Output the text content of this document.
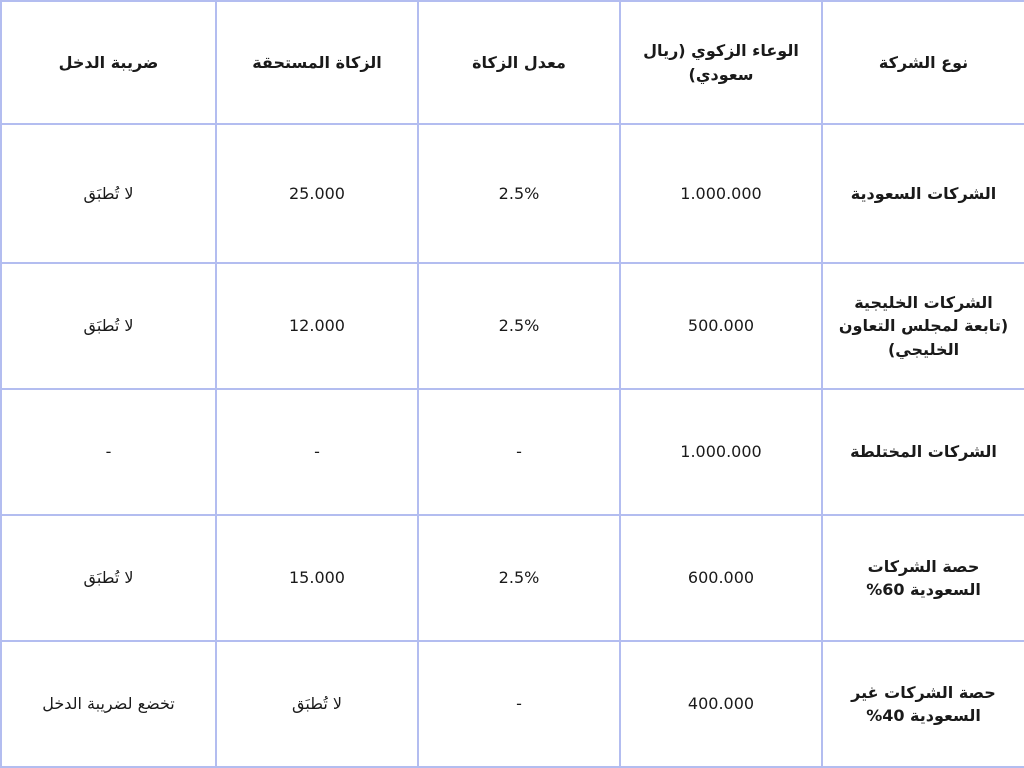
نوع الشركة	الوعاء الزكوي (ريال سعودي)	معدل الزكاة	الزكاة المستحقة	ضريبة الدخل
الشركات السعودية	1.000.000	2.5%	25.000	لا تُطبَق
الشركات الخليجية (تابعة لمجلس التعاون الخليجي)	500.000	2.5%	12.000	لا تُطبَق
الشركات المختلطة	1.000.000	-	-	-
حصة الشركات السعودية 60%	600.000	2.5%	15.000	لا تُطبَق
حصة الشركات غير السعودية 40%	400.000	-	لا تُطبَق	تخضع لضريبة الدخل
